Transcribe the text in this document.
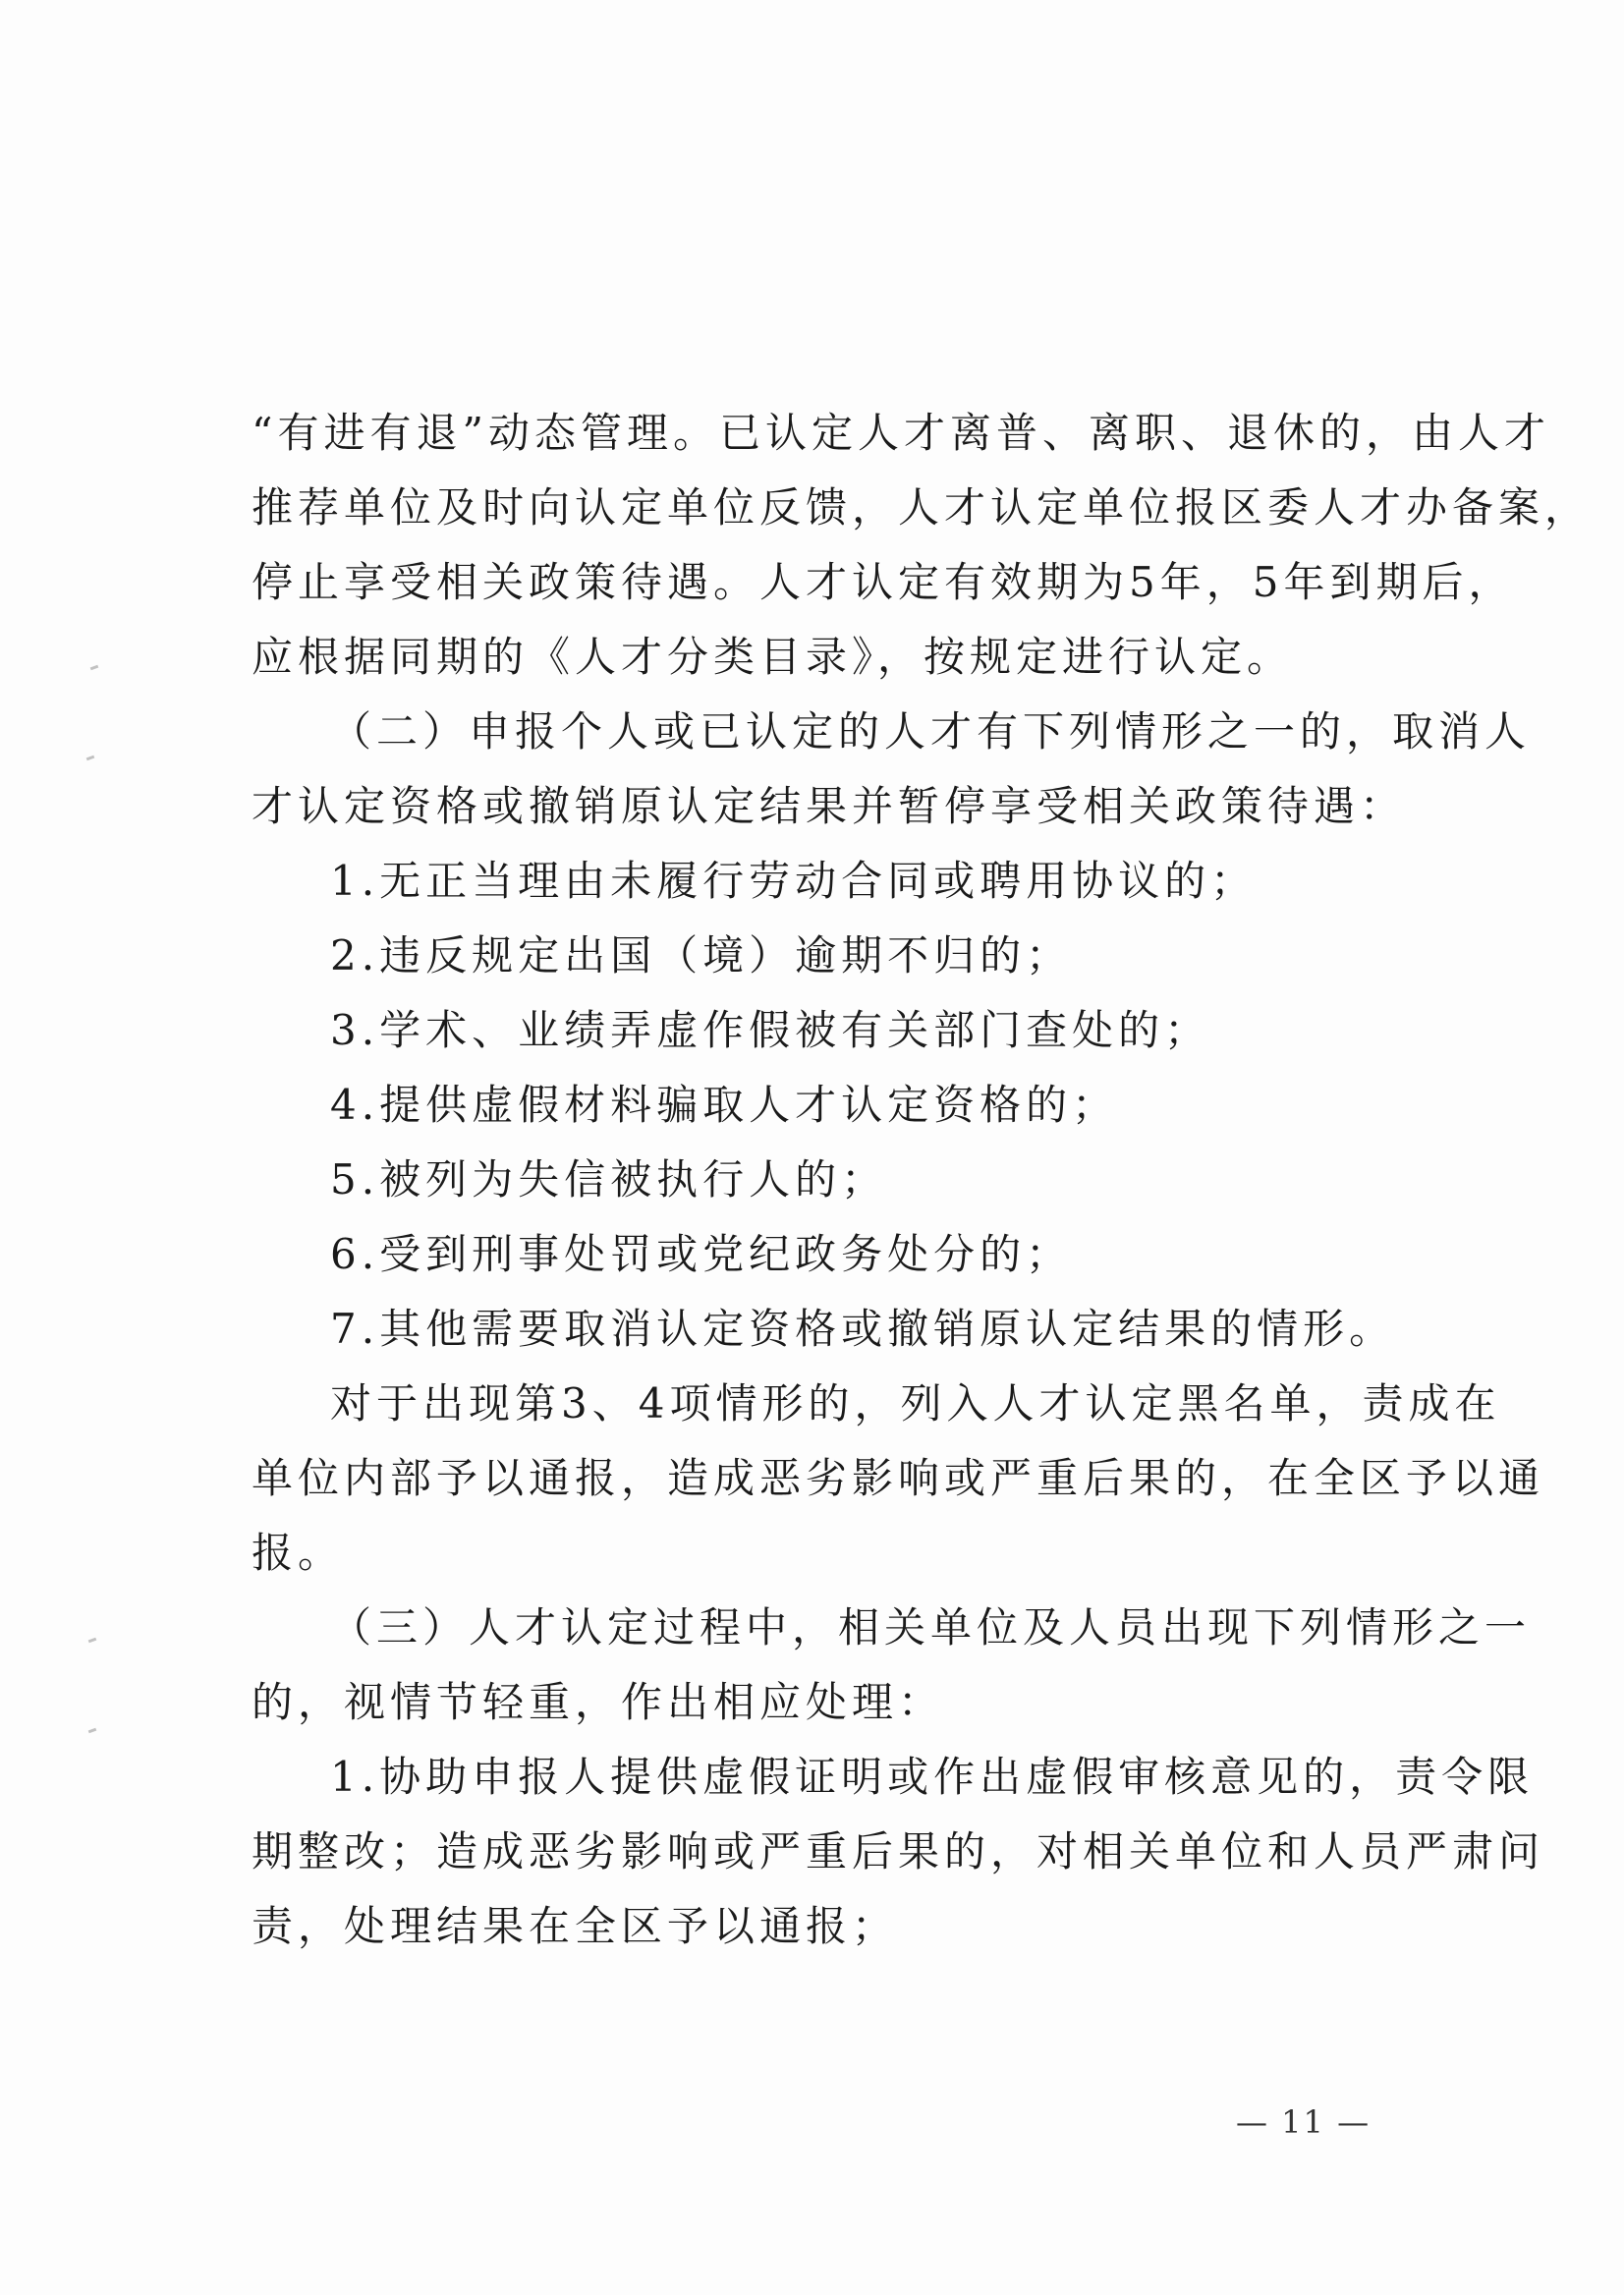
“有进有退”动态管理。已认定人才离普、离职、退休的，由人才
推荐单位及时向认定单位反馈，人才认定单位报区委人才办备案，
停止享受相关政策待遇。人才认定有效期为5年，5年到期后，
应根据同期的《人才分类目录》，按规定进行认定。
（二）申报个人或已认定的人才有下列情形之一的，取消人
才认定资格或撤销原认定结果并暂停享受相关政策待遇：
1.无正当理由未履行劳动合同或聘用协议的；
2.违反规定出国（境）逾期不归的；
3.学术、业绩弄虚作假被有关部门查处的；
4.提供虚假材料骗取人才认定资格的；
5.被列为失信被执行人的；
6.受到刑事处罚或党纪政务处分的；
7.其他需要取消认定资格或撤销原认定结果的情形。
对于出现第3、4项情形的，列入人才认定黑名单，责成在
单位内部予以通报，造成恶劣影响或严重后果的，在全区予以通
报。
（三）人才认定过程中，相关单位及人员出现下列情形之一
的，视情节轻重，作出相应处理：
1.协助申报人提供虚假证明或作出虚假审核意见的，责令限
期整改；造成恶劣影响或严重后果的，对相关单位和人员严肃问
责，处理结果在全区予以通报；
— 11 —
